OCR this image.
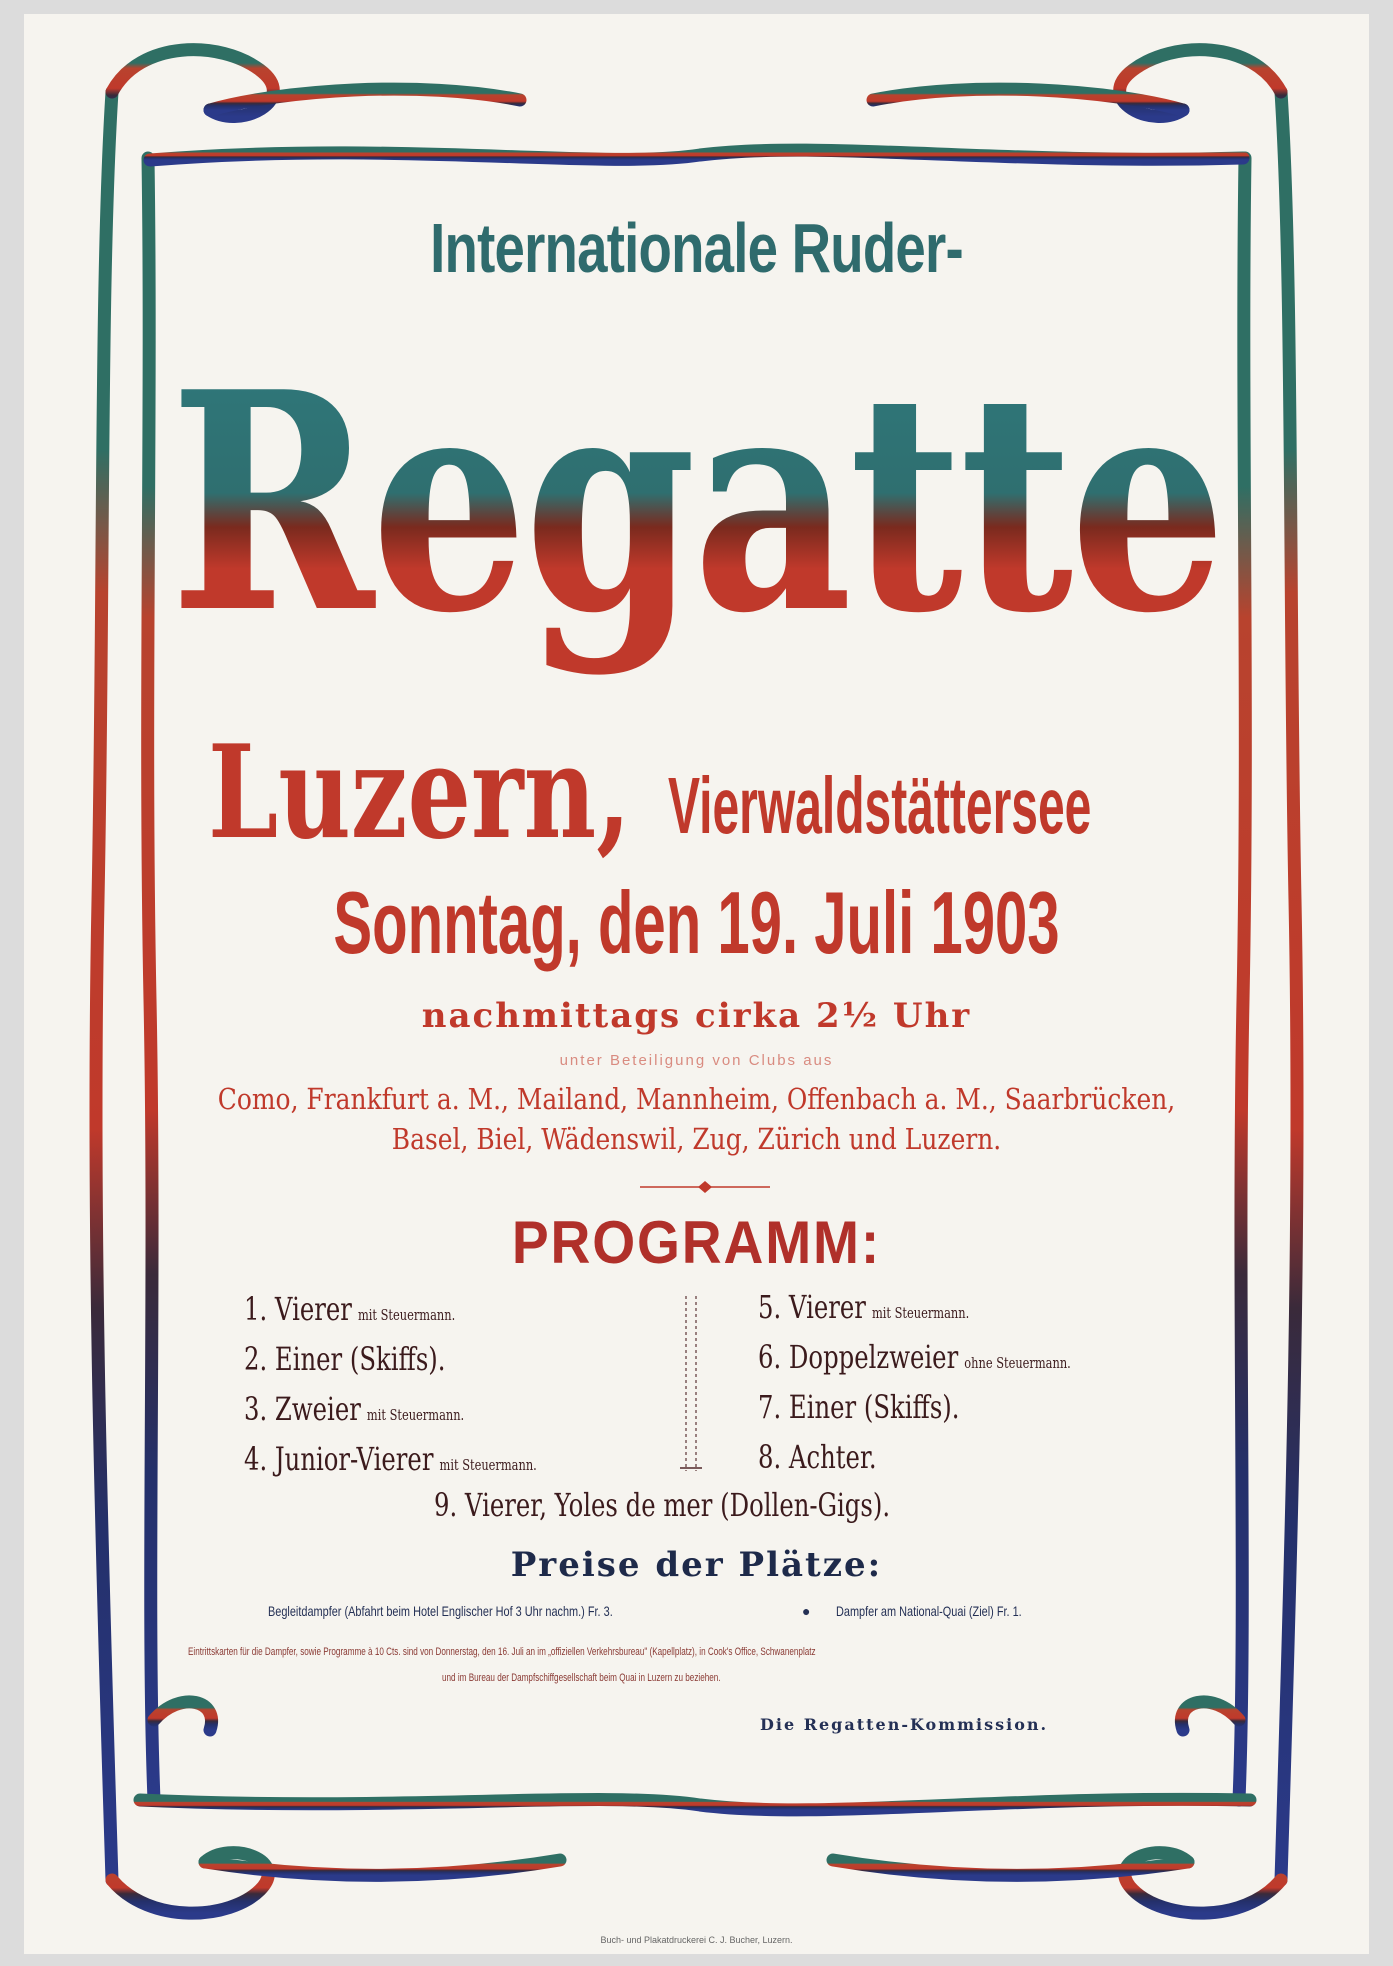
Internationale Ruder-
Regatte
Luzern, Vierwaldstättersee
Sonntag, den 19. Juli 1903
nachmittags cirka 2½ Uhr
unter Beteiligung von Clubs aus
Como, Frankfurt a. M., Mailand, Mannheim, Offenbach a. M., Saarbrücken,
Basel, Biel, Wädenswil, Zug, Zürich und Luzern.
PROGRAMM:
1. Vierer mit Steuermann.
2. Einer (Skiffs).
3. Zweier mit Steuermann.
4. Junior-Vierer mit Steuermann.
5. Vierer mit Steuermann.
6. Doppelzweier ohne Steuermann.
7. Einer (Skiffs).
8. Achter.
9. Vierer, Yoles de mer (Dollen-Gigs).
Preise der Plätze:
Begleitdampfer (Abfahrt beim Hotel Englischer Hof 3 Uhr nachm.) Fr. 3.	● Dampfer am National-Quai (Ziel) Fr. 1.
Eintrittskarten für die Dampfer, sowie Programme à 10 Cts. sind von Donnerstag, den 16. Juli an im „offiziellen Verkehrsbureau" (Kapellplatz), in Cook's Office, Schwanenplatz
und im Bureau der Dampfschiffgesellschaft beim Quai in Luzern zu beziehen.
Die Regatten-Kommission.
Buch- und Plakatdruckerei C. J. Bucher, Luzern.
